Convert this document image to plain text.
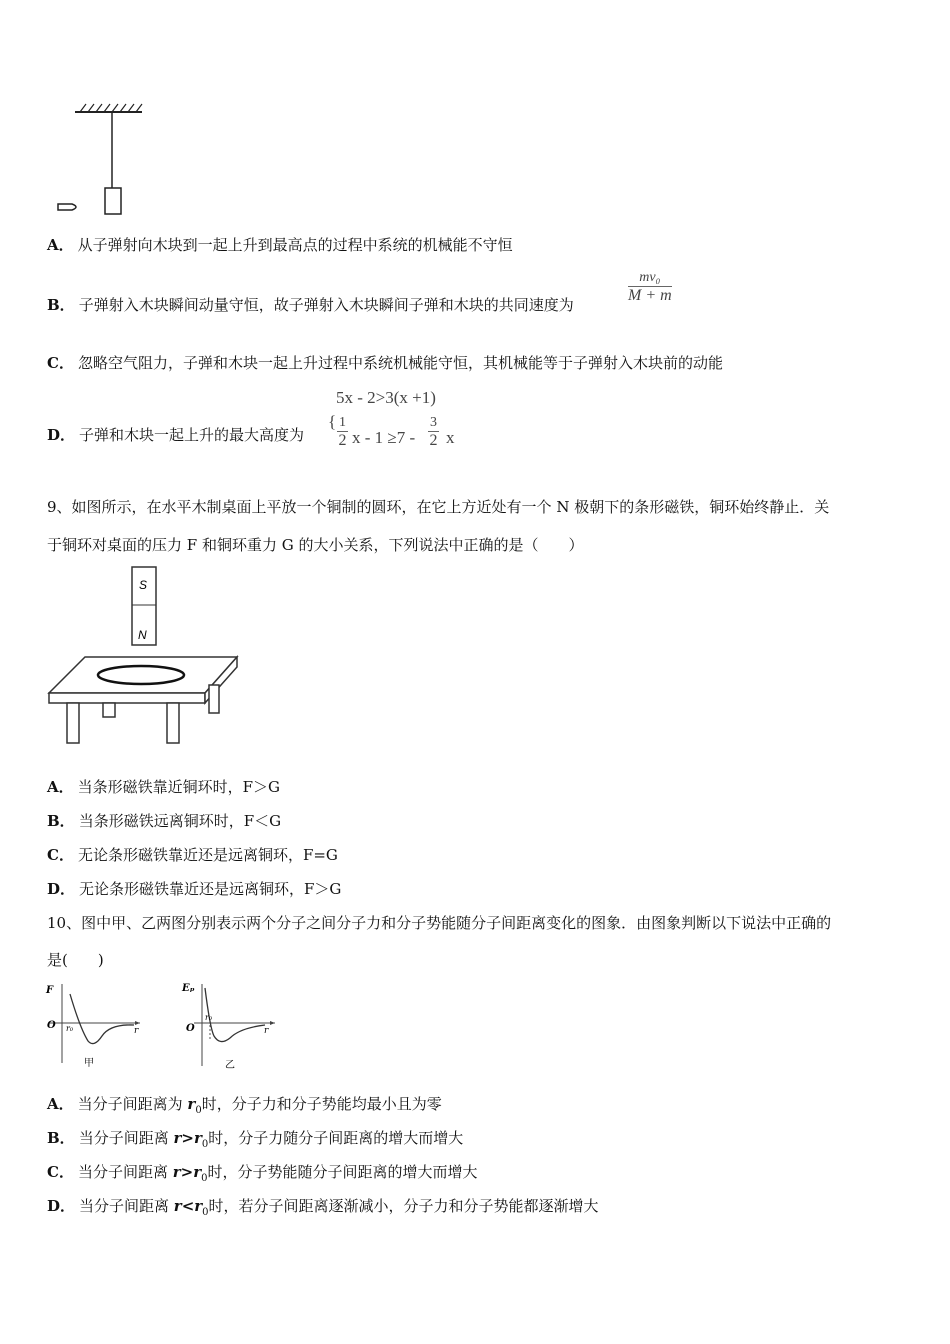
A． 从子弹射向木块到一起上升到最高点的过程中系统的机械能不守恒
B． 子弹射入木块瞬间动量守恒，故子弹射入木块瞬间子弹和木块的共同速度为	$\frac{\text{mv₀}}{M + m}$
C． 忽略空气阻力，子弹和木块一起上升过程中系统机械能守恒，其机械能等于子弹射入木块前的动能
D． 子弹和木块一起上升的最大高度为
5x - 2>3(x +1)
{ $\frac{1}{2}$ $x - 1 \ge 7 - \frac{3}{2}$ x
9、如图所示，在水平木制桌面上平放一个铜制的圆环，在它上方近处有一个 N 极朝下的条形磁铁，铜环始终静止．关
于铜环对桌面的压力 F 和铜环重力 G 的大小关系，下列说法中正确的是（　　）
S
N
A． 当条形磁铁靠近铜环时，F＞G
B． 当条形磁铁远离铜环时，F＜G
C． 无论条形磁铁靠近还是远离铜环，F=G
D． 无论条形磁铁靠近还是远离铜环，F＞G
10、图中甲、乙两图分别表示两个分子之间分子力和分子势能随分子间距离变化的图象．由图象判断以下说法中正确的
是(　　)
F
O r₀	r
甲
Eₚ
O
r₀
r
乙
A． 当分子间距离为 $r_0$时，分子力和分子势能均最小且为零
B． 当分子间距离 $r>r_0$时，分子力随分子间距离的增大而增大
C． 当分子间距离 $r>r_0$时，分子势能随分子间距离的增大而增大
D． 当分子间距离 $r<r_0$时，若分子间距离逐渐减小，分子力和分子势能都逐渐增大
